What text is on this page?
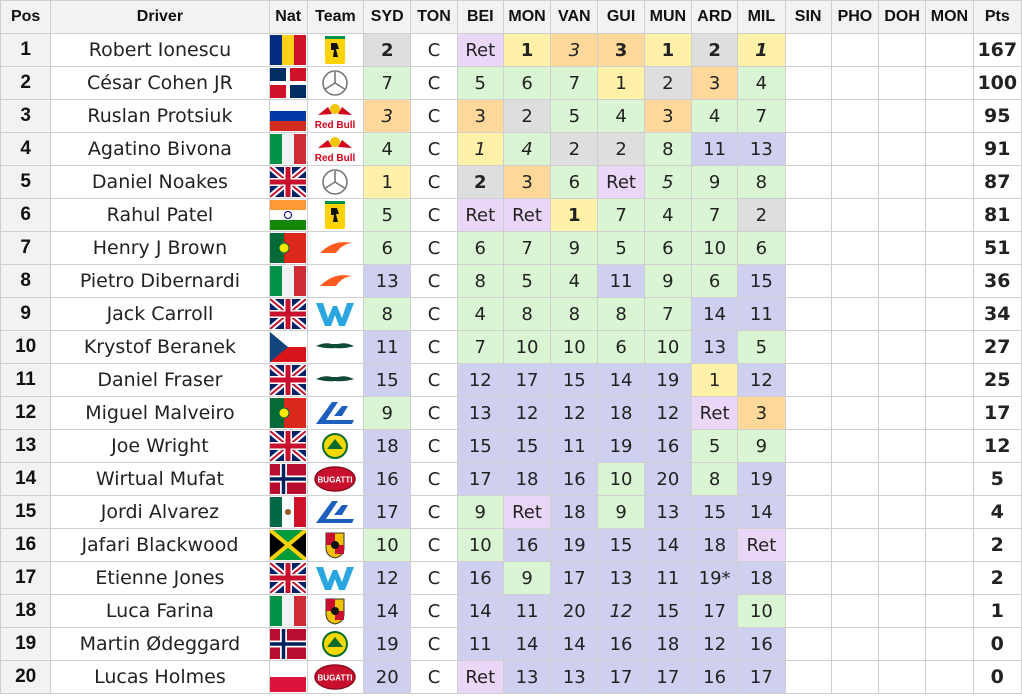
Pos	Driver	Nat	Team	SYD	TON	BEI	MON	VAN	GUI	MUN	ARD	MIL	SIN	PHO	DOH	MON	Pts
1	Robert Ionescu			2	C	Ret	1	3	3	1	2	1					167
2	César Cohen JR			7	C	5	6	7	1	2	3	4					100
3	Ruslan Protsiuk		Red Bull	3	C	3	2	5	4	3	4	7					95
4	Agatino Bivona		Red Bull	4	C	1	4	2	2	8	11	13					91
5	Daniel Noakes			1	C	2	3	6	Ret	5	9	8					87
6	Rahul Patel			5	C	Ret	Ret	1	7	4	7	2					81
7	Henry J Brown			6	C	6	7	9	5	6	10	6					51
8	Pietro Dibernardi			13	C	8	5	4	11	9	6	15					36
9	Jack Carroll			8	C	4	8	8	8	7	14	11					34
10	Krystof Beranek			11	C	7	10	10	6	10	13	5					27
11	Daniel Fraser			15	C	12	17	15	14	19	1	12					25
12	Miguel Malveiro			9	C	13	12	12	18	12	Ret	3					17
13	Joe Wright			18	C	15	15	11	19	16	5	9					12
14	Wirtual Mufat		BUGATTI	16	C	17	18	16	10	20	8	19					5
15	Jordi Alvarez			17	C	9	Ret	18	9	13	15	14					4
16	Jafari Blackwood			10	C	10	16	19	15	14	18	Ret					2
17	Etienne Jones			12	C	16	9	17	13	11	19*	18					2
18	Luca Farina			14	C	14	11	20	12	15	17	10					1
19	Martin Ødeggard			19	C	11	14	14	16	18	12	16					0
20	Lucas Holmes		BUGATTI	20	C	Ret	13	13	17	17	16	17					0
